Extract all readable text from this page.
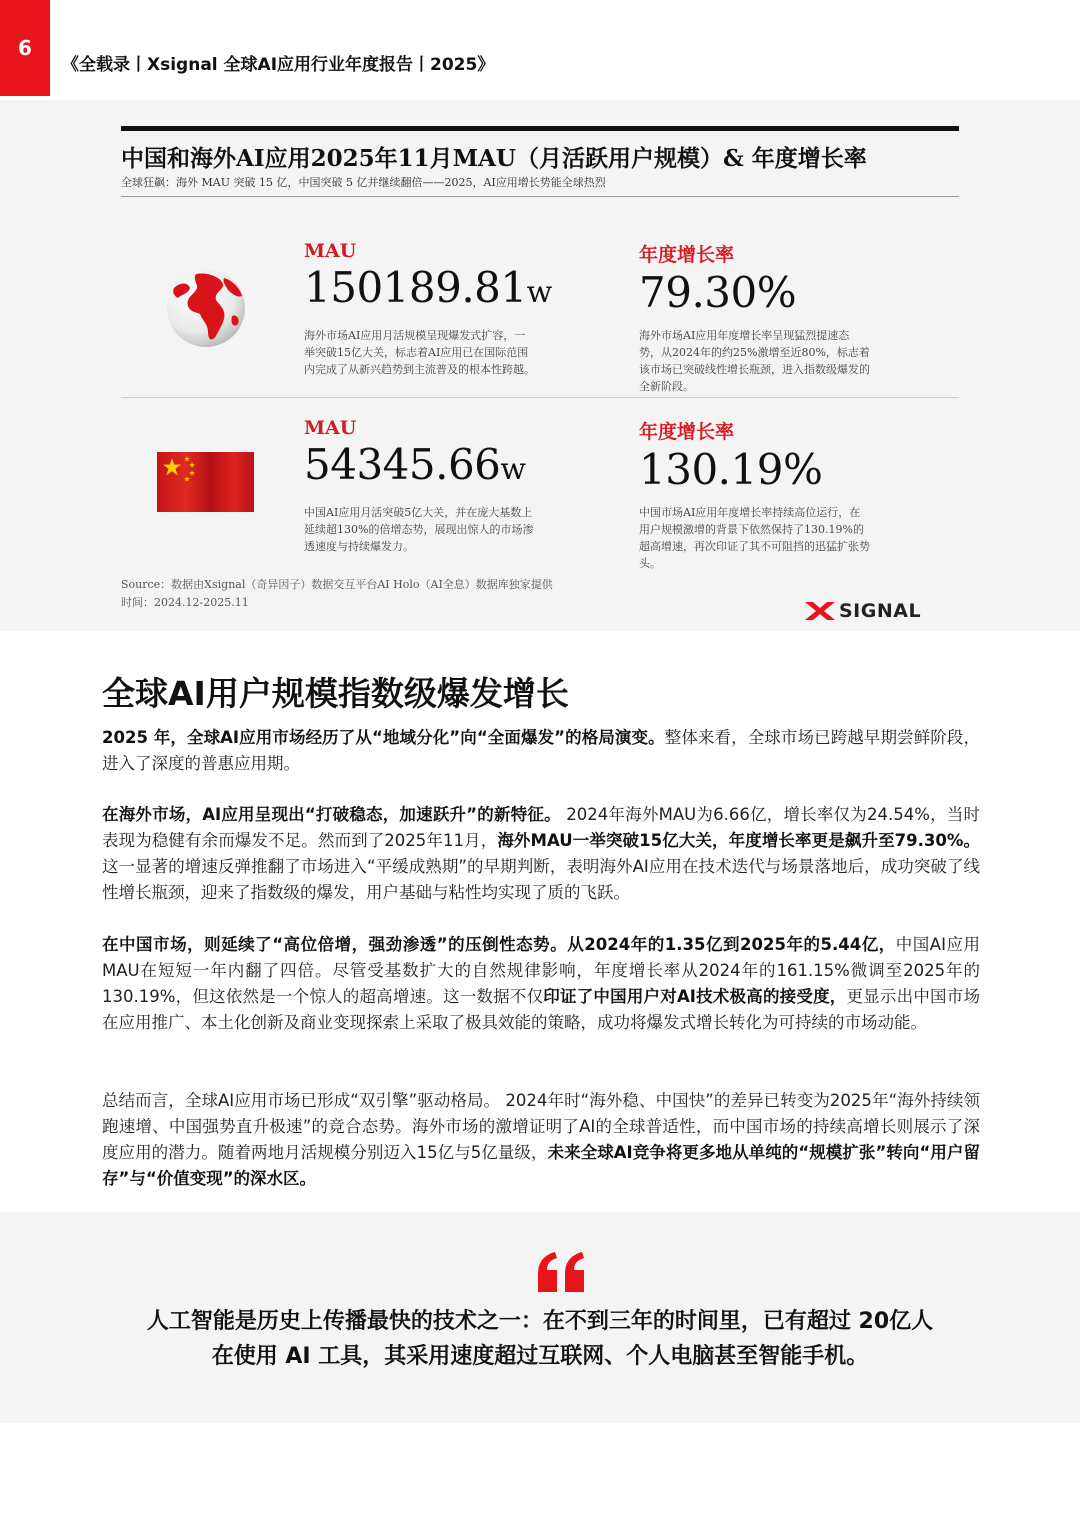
6
《全载录丨Xsignal 全球AI应用行业年度报告丨2025》
中国和海外AI应用2025年11月MAU（月活跃用户规模）& 年度增长率
全球狂飙：海外 MAU 突破 15 亿，中国突破 5 亿并继续翻倍——2025，AI应用增长势能全球热烈
MAU
150189.81w
海外市场AI应用月活规模呈现爆发式扩容，一举突破15亿大关，标志着AI应用已在国际范围内完成了从新兴趋势到主流普及的根本性跨越。
年度增长率
79.30%
海外市场AI应用年度增长率呈现猛烈提速态势，从2024年的约25%激增至近80%，标志着该市场已突破线性增长瓶颈，进入指数级爆发的全新阶段。
MAU
54345.66w
中国AI应用月活突破5亿大关，并在庞大基数上延续超130%的倍增态势，展现出惊人的市场渗透速度与持续爆发力。
年度增长率
130.19%
中国市场AI应用年度增长率持续高位运行，在用户规模激增的背景下依然保持了130.19%的超高增速，再次印证了其不可阻挡的迅猛扩张势头。
Source：数据由Xsignal（奇异因子）数据交互平台AI Holo（AI全息）数据库独家提供
时间：2024.12-2025.11	SIGNAL
全球AI用户规模指数级爆发增长
2025 年，全球AI应用市场经历了从“地域分化”向“全面爆发”的格局演变。整体来看，全球市场已跨越早期尝鲜阶段，进入了深度的普惠应用期。
在海外市场，AI应用呈现出“打破稳态，加速跃升”的新特征。 2024年海外MAU为6.66亿，增长率仅为24.54%，当时表现为稳健有余而爆发不足。然而到了2025年11月，海外MAU一举突破15亿大关，年度增长率更是飙升至79.30%。这一显著的增速反弹推翻了市场进入“平缓成熟期”的早期判断，表明海外AI应用在技术迭代与场景落地后，成功突破了线性增长瓶颈，迎来了指数级的爆发，用户基础与粘性均实现了质的飞跃。
在中国市场，则延续了“高位倍增，强劲渗透”的压倒性态势。从2024年的1.35亿到2025年的5.44亿，中国AI应用MAU在短短一年内翻了四倍。尽管受基数扩大的自然规律影响，年度增长率从2024年的161.15%微调至2025年的130.19%，但这依然是一个惊人的超高增速。这一数据不仅印证了中国用户对AI技术极高的接受度，更显示出中国市场在应用推广、本土化创新及商业变现探索上采取了极具效能的策略，成功将爆发式增长转化为可持续的市场动能。
总结而言，全球AI应用市场已形成“双引擎”驱动格局。 2024年时“海外稳、中国快”的差异已转变为2025年“海外持续领跑速增、中国强势直升极速”的竞合态势。海外市场的激增证明了AI的全球普适性，而中国市场的持续高增长则展示了深度应用的潜力。随着两地月活规模分别迈入15亿与5亿量级，未来全球AI竞争将更多地从单纯的“规模扩张”转向“用户留存”与“价值变现”的深水区。
人工智能是历史上传播最快的技术之一：在不到三年的时间里，已有超过 20亿人
在使用 AI 工具，其采用速度超过互联网、个人电脑甚至智能手机。
